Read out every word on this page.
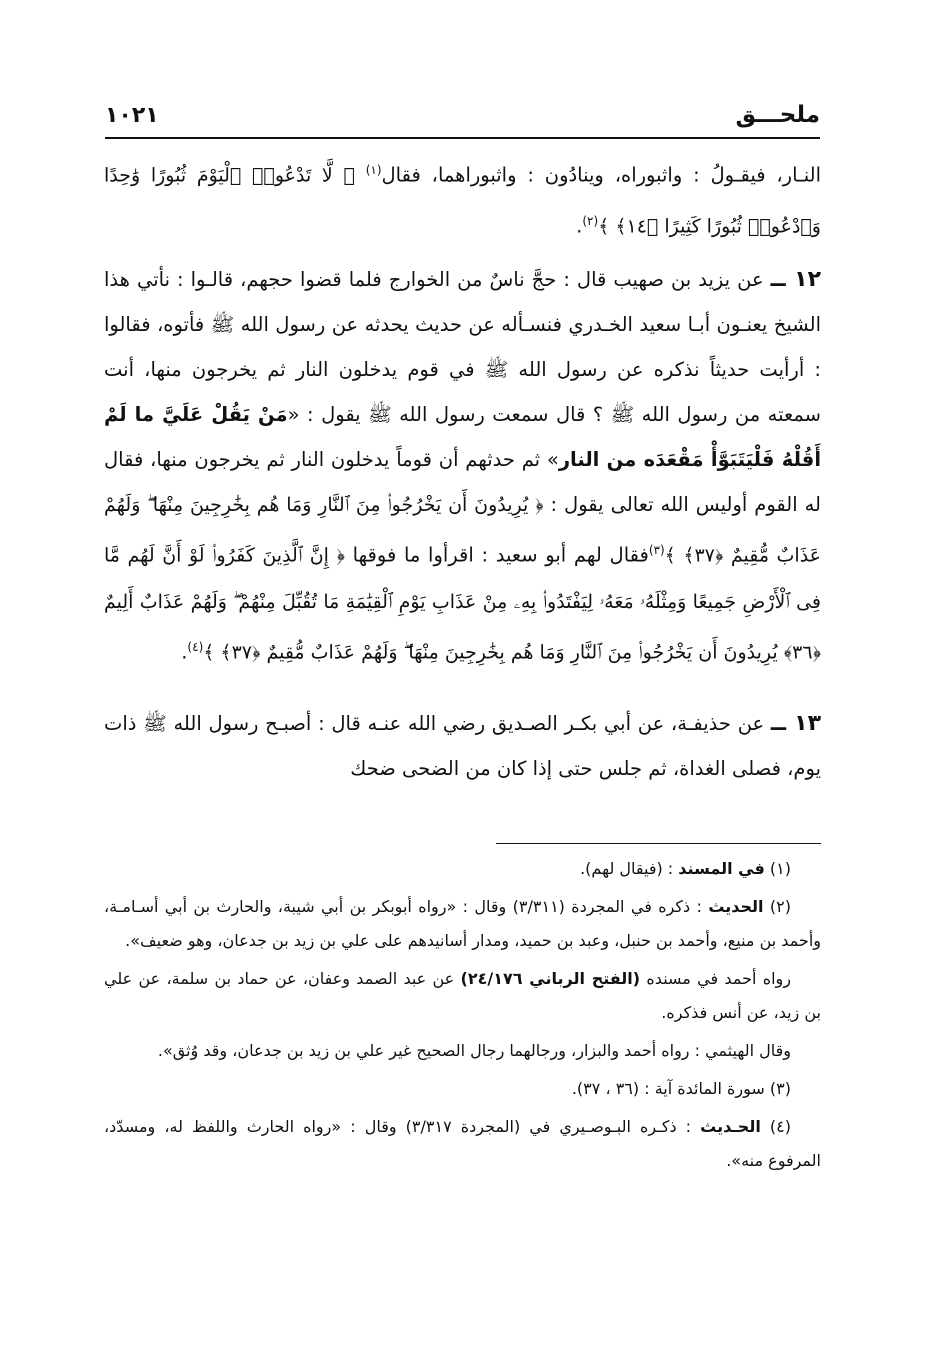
ملحـــق
١٠٢١

النـار، فيقـولُ : واثبوراه، وينادُون : واثبوراهما، فقال$^{(١)}$ ﴿ لَّا تَدْعُوا۟ ٱلْيَوْمَ ثُبُورًا وَٰحِدًا وَٱدْعُوا۟ ثُبُورًا كَثِيرًا ﴿١٤﴾ ﴾$^{(٢)}$.

١٢ ــ عن يزيد بن صهيب قال : حجَّ ناسٌ من الخوارج فلما قضوا حجهم، قالـوا : نأتي هذا الشيخ يعنـون أبـا سعيد الخـدري فنسـأله عن حديث يحدثه عن رسول الله ﷺ فأتوه، فقالوا : أرأيت حديثاً نذكره عن رسول الله ﷺ في قوم يدخلون النار ثم يخرجون منها، أنت سمعته من رسول الله ﷺ ؟ قال سمعت رسول الله ﷺ يقول : «مَنْ يَقُلْ عَلَيَّ ما لَمْ أَقُلْهُ فَلْيَتَبَوَّأْ مَقْعَدَه من النار» ثم حدثهم أن قوماً يدخلون النار ثم يخرجون منها، فقال له القوم أوليس الله تعالى يقول : ﴿ يُرِيدُونَ أَن يَخْرُجُوا۟ مِنَ ٱلنَّارِ وَمَا هُم بِخَٰرِجِينَ مِنْهَا ۖ وَلَهُمْ عَذَابٌ مُّقِيمٌ ﴿٣٧﴾ ﴾$^{(٣)}$فقال لهم أبو سعيد : اقرأوا ما فوقها ﴿ إِنَّ ٱلَّذِينَ كَفَرُوا۟ لَوْ أَنَّ لَهُم مَّا فِى ٱلْأَرْضِ جَمِيعًا وَمِثْلَهُۥ مَعَهُۥ لِيَفْتَدُوا۟ بِهِۦ مِنْ عَذَابِ يَوْمِ ٱلْقِيَٰمَةِ مَا تُقُبِّلَ مِنْهُمْ ۖ وَلَهُمْ عَذَابٌ أَلِيمٌ ﴿٣٦﴾ يُرِيدُونَ أَن يَخْرُجُوا۟ مِنَ ٱلنَّارِ وَمَا هُم بِخَٰرِجِينَ مِنْهَا ۖ وَلَهُمْ عَذَابٌ مُّقِيمٌ ﴿٣٧﴾ ﴾$^{(٤)}$.

١٣ ــ عن حذيفـة، عن أبي بكـر الصـديق رضي الله عنـه قال : أصبـح رسول الله ﷺ ذات يوم، فصلى الغداة، ثم جلس حتى إذا كان من الضحى ضحك

(١) في المسند : (فيقال لهم).

(٢) الحديث : ذكره في المجردة (٣/٣١١) وقال : «رواه أبوبكر بن أبي شيبة، والحارث بن أبي أسـامـة، وأحمد بن منيع، وأحمد بن حنبل، وعبد بن حميد، ومدار أسانيدهم على علي بن زيد بن جدعان، وهو ضعيف».

رواه أحمد في مسنده (الفتح الرباني ٢٤/١٧٦) عن عبد الصمد وعفان، عن حماد بن سلمة، عن علي بن زيد، عن أنس فذكره.

وقال الهيثمي : رواه أحمد والبزار، ورجالهما رجال الصحيح غير علي بن زيد بن جدعان، وقد وُثق».

(٣) سورة المائدة آية : (٣٦ ، ٣٧).

(٤) الحـديث : ذكـره البـوصـيري في (المجردة ٣/٣١٧) وقال : «رواه الحارث واللفظ له، ومسدّد، المرفوع منه».
